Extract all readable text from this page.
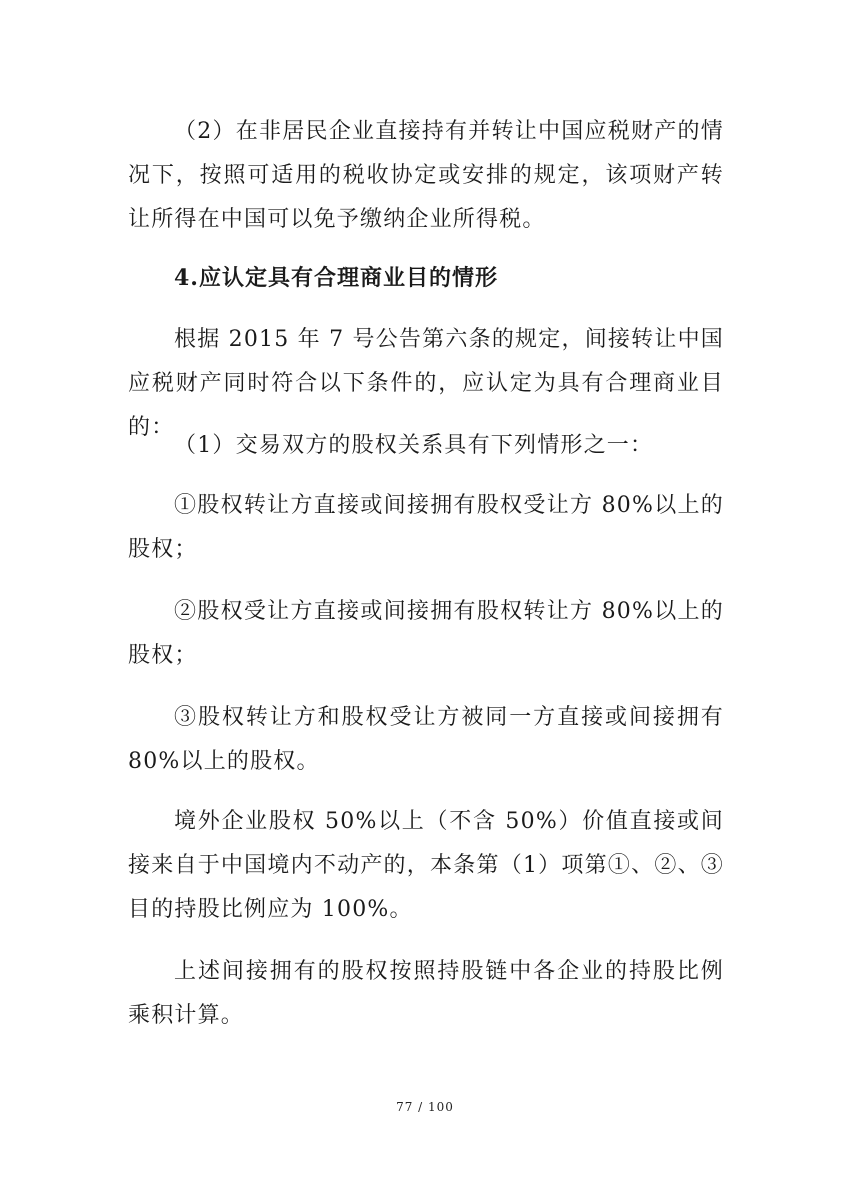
（2）在非居民企业直接持有并转让中国应税财产的情况下，按照可适用的税收协定或安排的规定，该项财产转让所得在中国可以免予缴纳企业所得税。

4.应认定具有合理商业目的情形

根据 2015 年 7 号公告第六条的规定，间接转让中国应税财产同时符合以下条件的，应认定为具有合理商业目的：

（1）交易双方的股权关系具有下列情形之一：

①股权转让方直接或间接拥有股权受让方 80%以上的股权；

②股权受让方直接或间接拥有股权转让方 80%以上的股权；

③股权转让方和股权受让方被同一方直接或间接拥有 80%以上的股权。

境外企业股权 50%以上（不含 50%）价值直接或间接来自于中国境内不动产的，本条第（1）项第①、②、③目的持股比例应为 100%。

上述间接拥有的股权按照持股链中各企业的持股比例乘积计算。

77 / 100
